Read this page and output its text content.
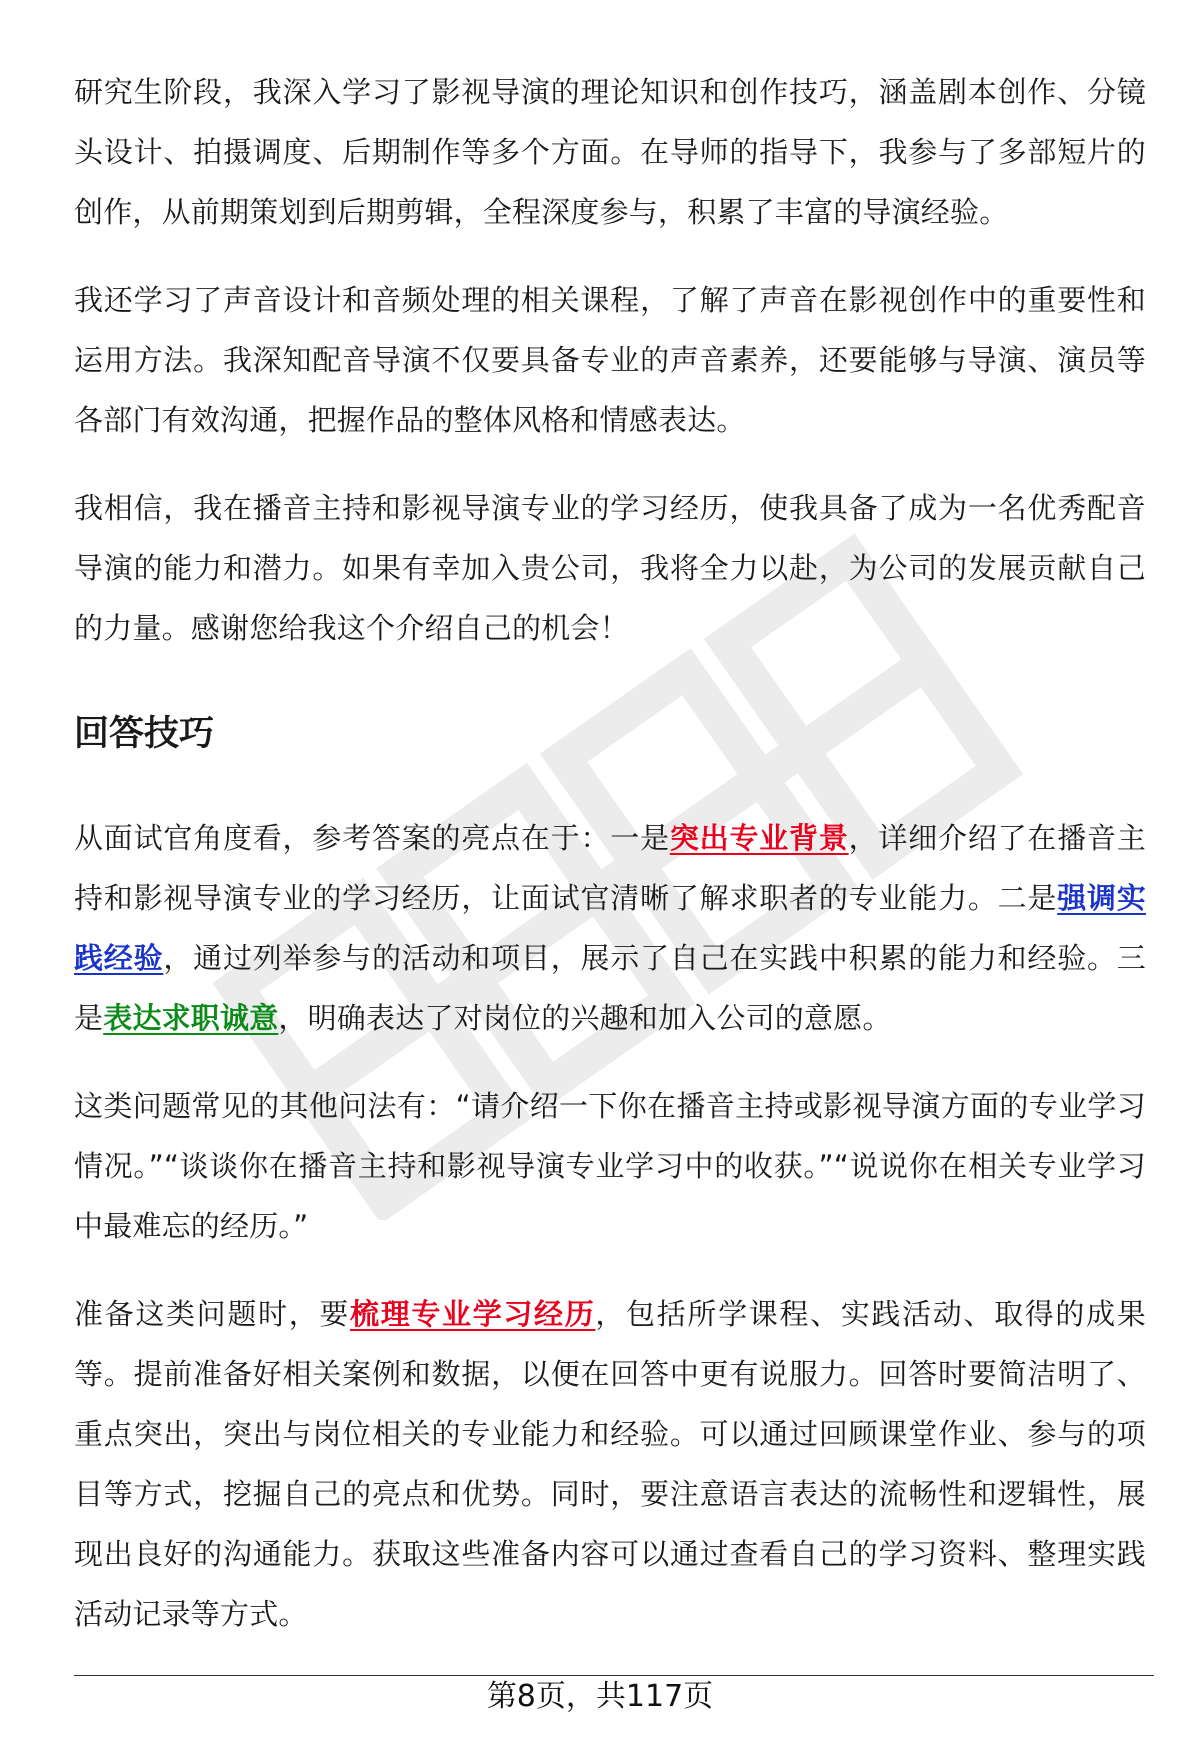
研究生阶段，我深入学习了影视导演的理论知识和创作技巧，涵盖剧本创作、分镜头设计、拍摄调度、后期制作等多个方面。在导师的指导下，我参与了多部短片的创作，从前期策划到后期剪辑，全程深度参与，积累了丰富的导演经验。

我还学习了声音设计和音频处理的相关课程，了解了声音在影视创作中的重要性和运用方法。我深知配音导演不仅要具备专业的声音素养，还要能够与导演、演员等各部门有效沟通，把握作品的整体风格和情感表达。

我相信，我在播音主持和影视导演专业的学习经历，使我具备了成为一名优秀配音导演的能力和潜力。如果有幸加入贵公司，我将全力以赴，为公司的发展贡献自己的力量。感谢您给我这个介绍自己的机会！

回答技巧

从面试官角度看，参考答案的亮点在于：一是突出专业背景，详细介绍了在播音主持和影视导演专业的学习经历，让面试官清晰了解求职者的专业能力。二是强调实践经验，通过列举参与的活动和项目，展示了自己在实践中积累的能力和经验。三是表达求职诚意，明确表达了对岗位的兴趣和加入公司的意愿。

这类问题常见的其他问法有：“请介绍一下你在播音主持或影视导演方面的专业学习情况。”“谈谈你在播音主持和影视导演专业学习中的收获。”“说说你在相关专业学习中最难忘的经历。”

准备这类问题时，要梳理专业学习经历，包括所学课程、实践活动、取得的成果等。提前准备好相关案例和数据，以便在回答中更有说服力。回答时要简洁明了、重点突出，突出与岗位相关的专业能力和经验。可以通过回顾课堂作业、参与的项目等方式，挖掘自己的亮点和优势。同时，要注意语言表达的流畅性和逻辑性，展现出良好的沟通能力。获取这些准备内容可以通过查看自己的学习资料、整理实践活动记录等方式。

第8页，共117页
